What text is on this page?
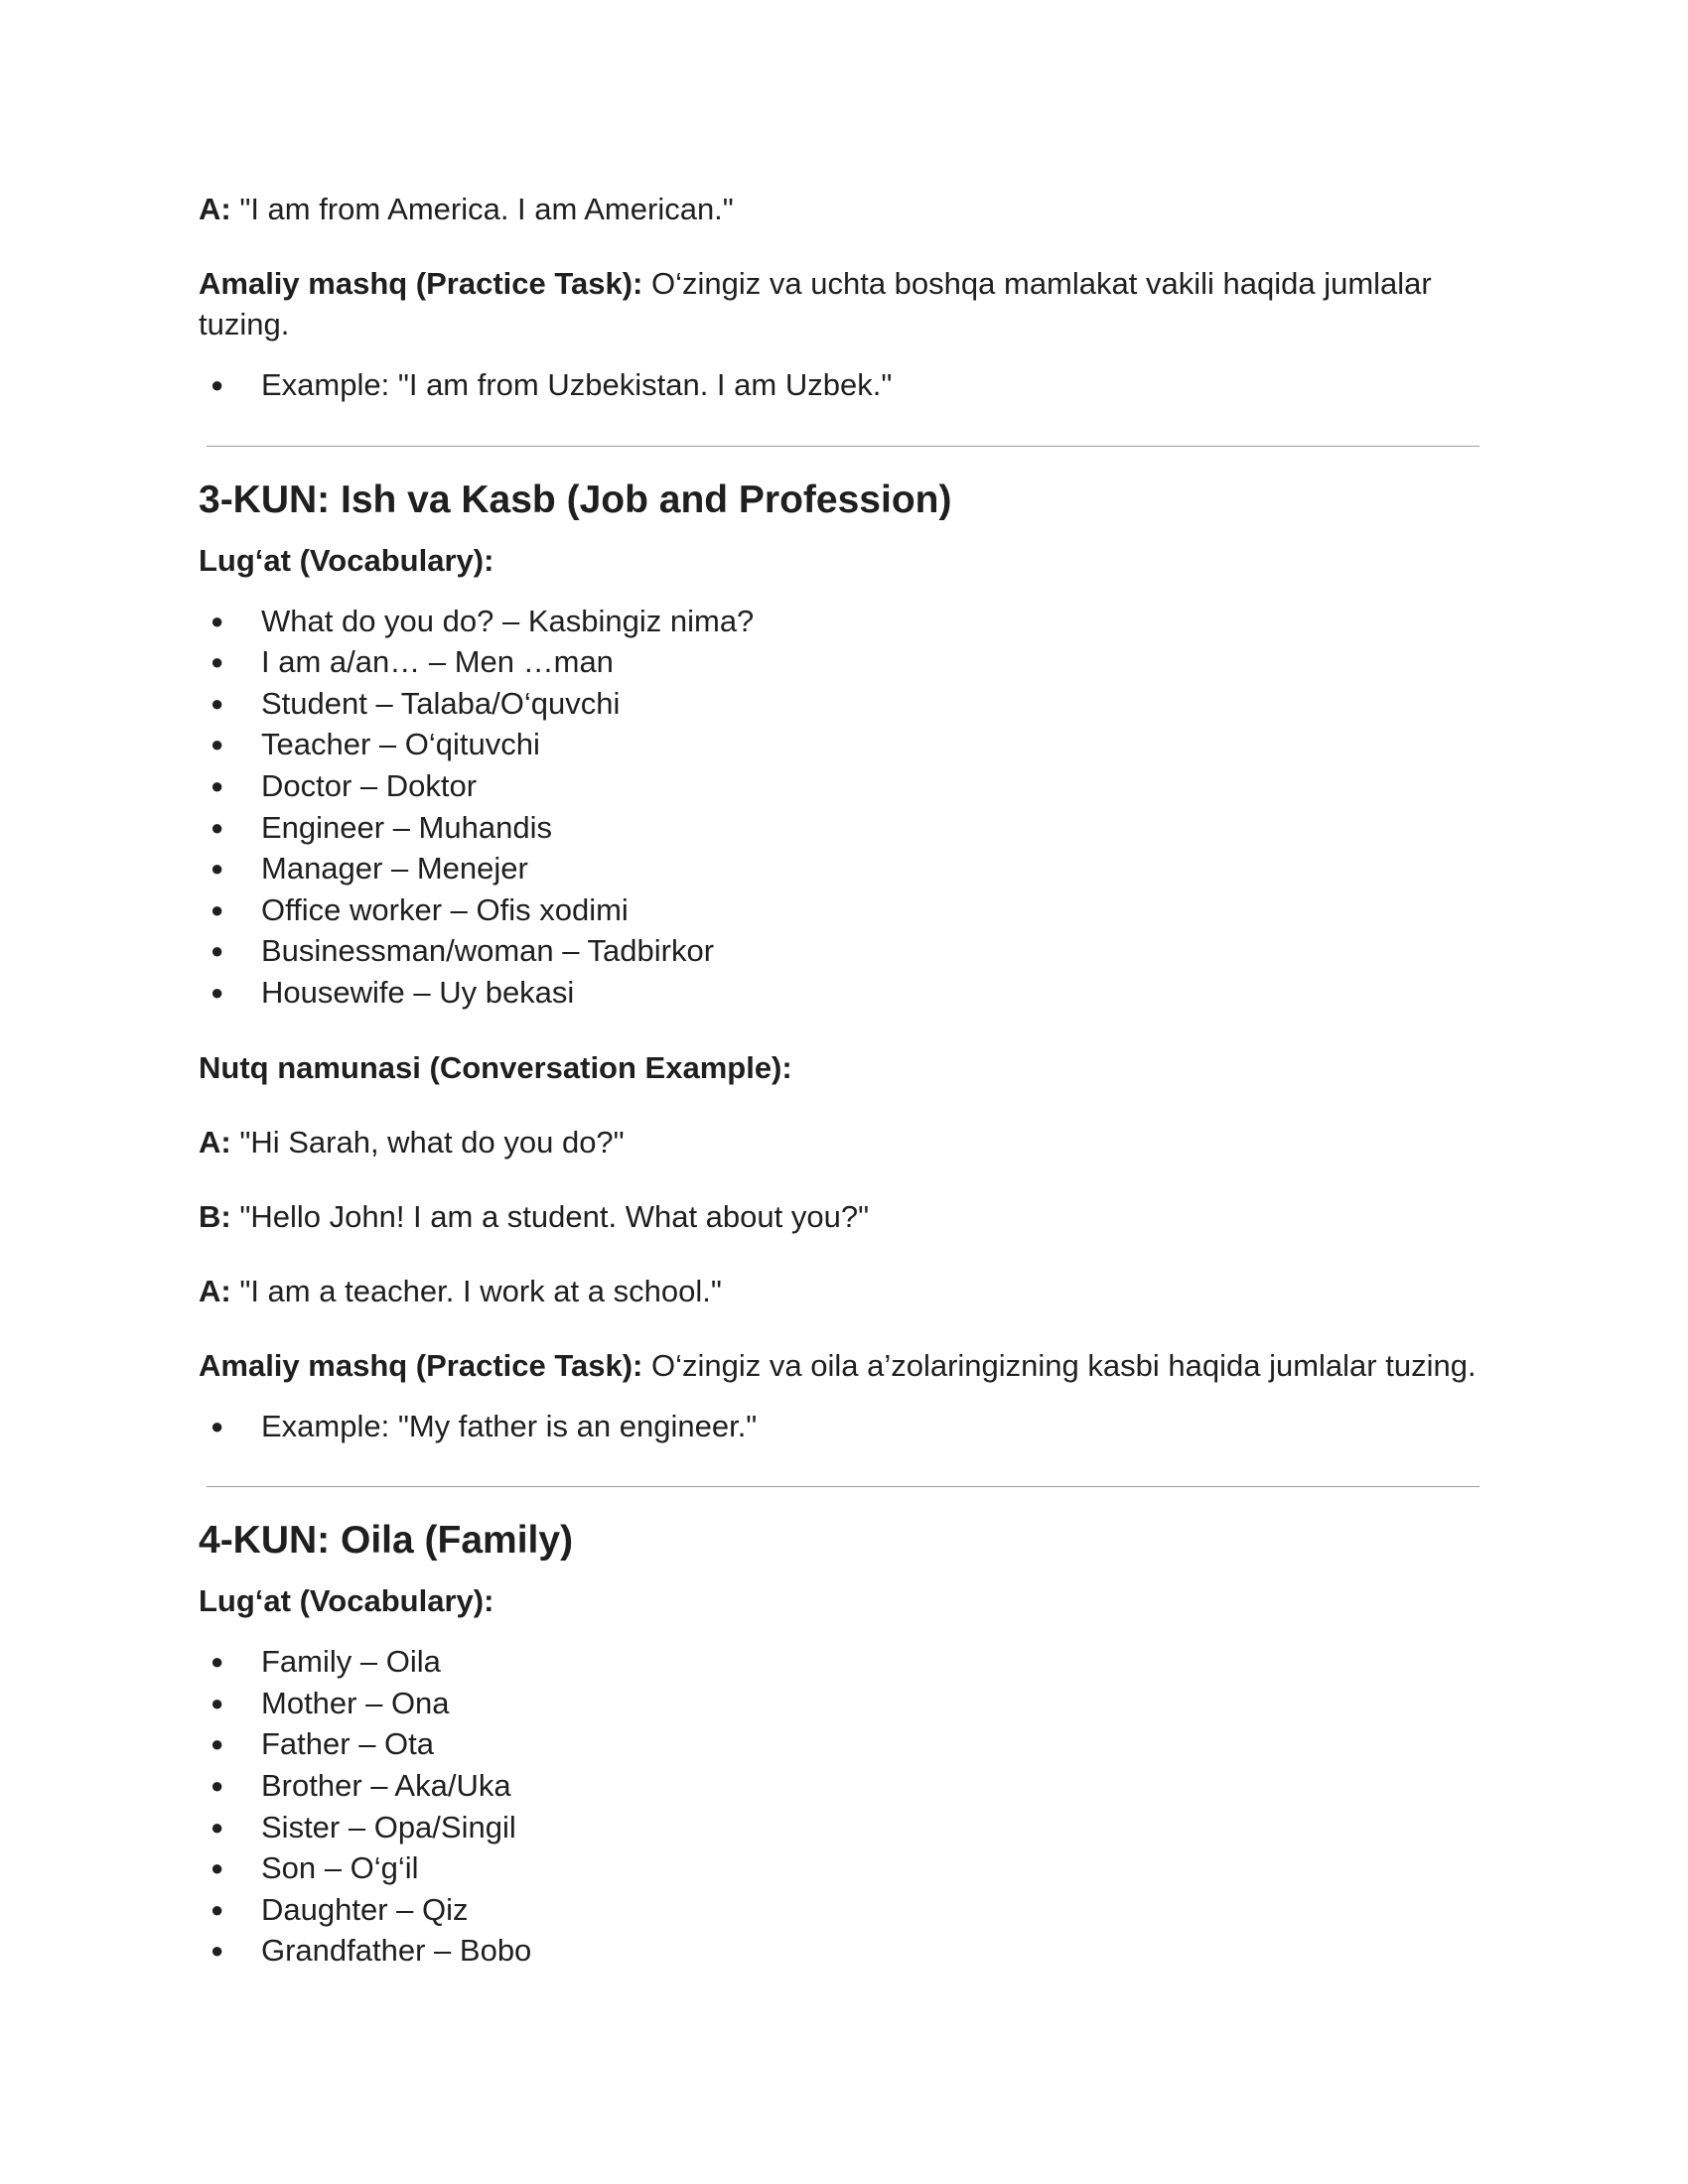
A: "I am from America. I am American."

Amaliy mashq (Practice Task): O‘zingiz va uchta boshqa mamlakat vakili haqida jumlalar tuzing.

● Example: "I am from Uzbekistan. I am Uzbek."
3-KUN: Ish va Kasb (Job and Profession)
Lug‘at (Vocabulary):
● What do you do? – Kasbingiz nima?
● I am a/an… – Men …man
● Student – Talaba/O‘quvchi
● Teacher – O‘qituvchi
● Doctor – Doktor
● Engineer – Muhandis
● Manager – Menejer
● Office worker – Ofis xodimi
● Businessman/woman – Tadbirkor
● Housewife – Uy bekasi
Nutq namunasi (Conversation Example):

A: "Hi Sarah, what do you do?"

B: "Hello John! I am a student. What about you?"

A: "I am a teacher. I work at a school."

Amaliy mashq (Practice Task): O‘zingiz va oila a’zolaringizning kasbi haqida jumlalar tuzing.

● Example: "My father is an engineer."
4-KUN: Oila (Family)
Lug‘at (Vocabulary):
● Family – Oila
● Mother – Ona
● Father – Ota
● Brother – Aka/Uka
● Sister – Opa/Singil
● Son – O‘g‘il
● Daughter – Qiz
● Grandfather – Bobo
